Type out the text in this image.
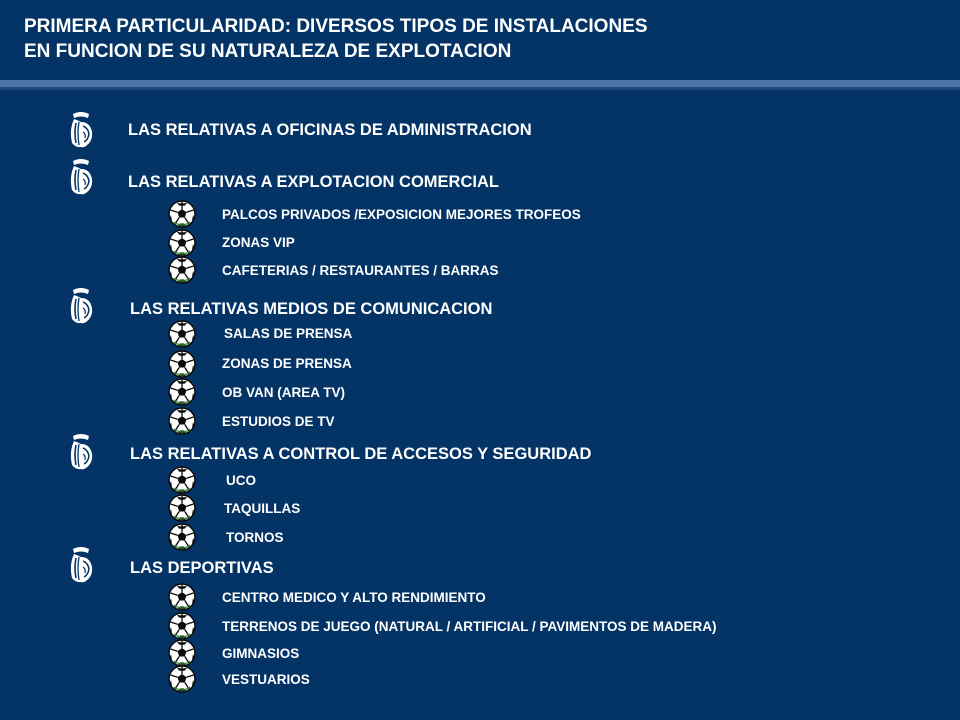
PRIMERA PARTICULARIDAD: DIVERSOS TIPOS DE INSTALACIONES
EN FUNCION DE SU NATURALEZA DE EXPLOTACION
LAS RELATIVAS A OFICINAS DE ADMINISTRACION
LAS RELATIVAS A EXPLOTACION COMERCIAL
PALCOS PRIVADOS /EXPOSICION MEJORES TROFEOS
ZONAS VIP
CAFETERIAS / RESTAURANTES / BARRAS
LAS RELATIVAS MEDIOS DE COMUNICACION
SALAS DE PRENSA
ZONAS DE PRENSA
OB VAN (AREA TV)
ESTUDIOS DE TV
LAS RELATIVAS A CONTROL DE ACCESOS Y SEGURIDAD
UCO
TAQUILLAS
TORNOS
LAS DEPORTIVAS
CENTRO MEDICO Y ALTO RENDIMIENTO
TERRENOS DE JUEGO (NATURAL / ARTIFICIAL / PAVIMENTOS DE MADERA)
GIMNASIOS
VESTUARIOS
